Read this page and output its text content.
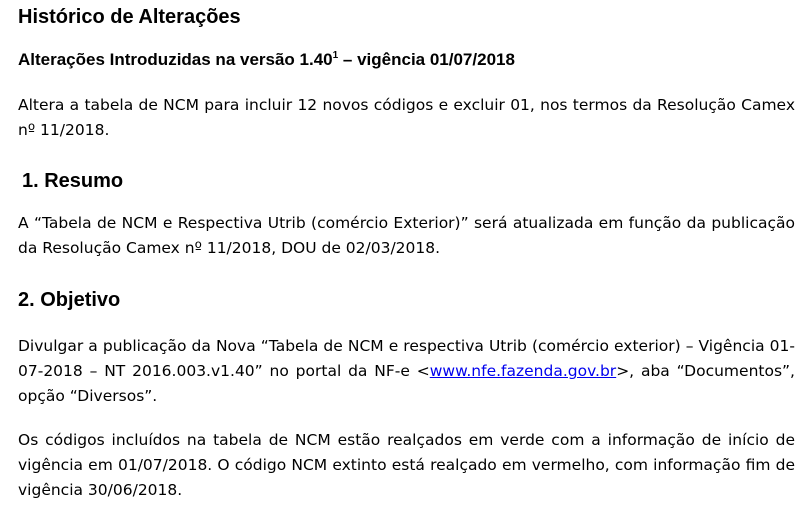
Histórico de Alterações
Alterações Introduzidas na versão 1.40$^1$ – vigência 01/07/2018
Altera a tabela de NCM para incluir 12 novos códigos e excluir 01, nos termos da Resolução Camex nº 11/2018.
1. Resumo
A “Tabela de NCM e Respectiva Utrib (comércio Exterior)” será atualizada em função da publicação da Resolução Camex nº 11/2018, DOU de 02/03/2018.
2. Objetivo
Divulgar a publicação da Nova “Tabela de NCM e respectiva Utrib (comércio exterior) – Vigência 01-07-2018 – NT 2016.003.v1.40” no portal da NF-e <www.nfe.fazenda.gov.br>, aba “Documentos”, opção “Diversos”.
Os códigos incluídos na tabela de NCM estão realçados em verde com a informação de início de vigência em 01/07/2018. O código NCM extinto está realçado em vermelho, com informação fim de vigência 30/06/2018.
